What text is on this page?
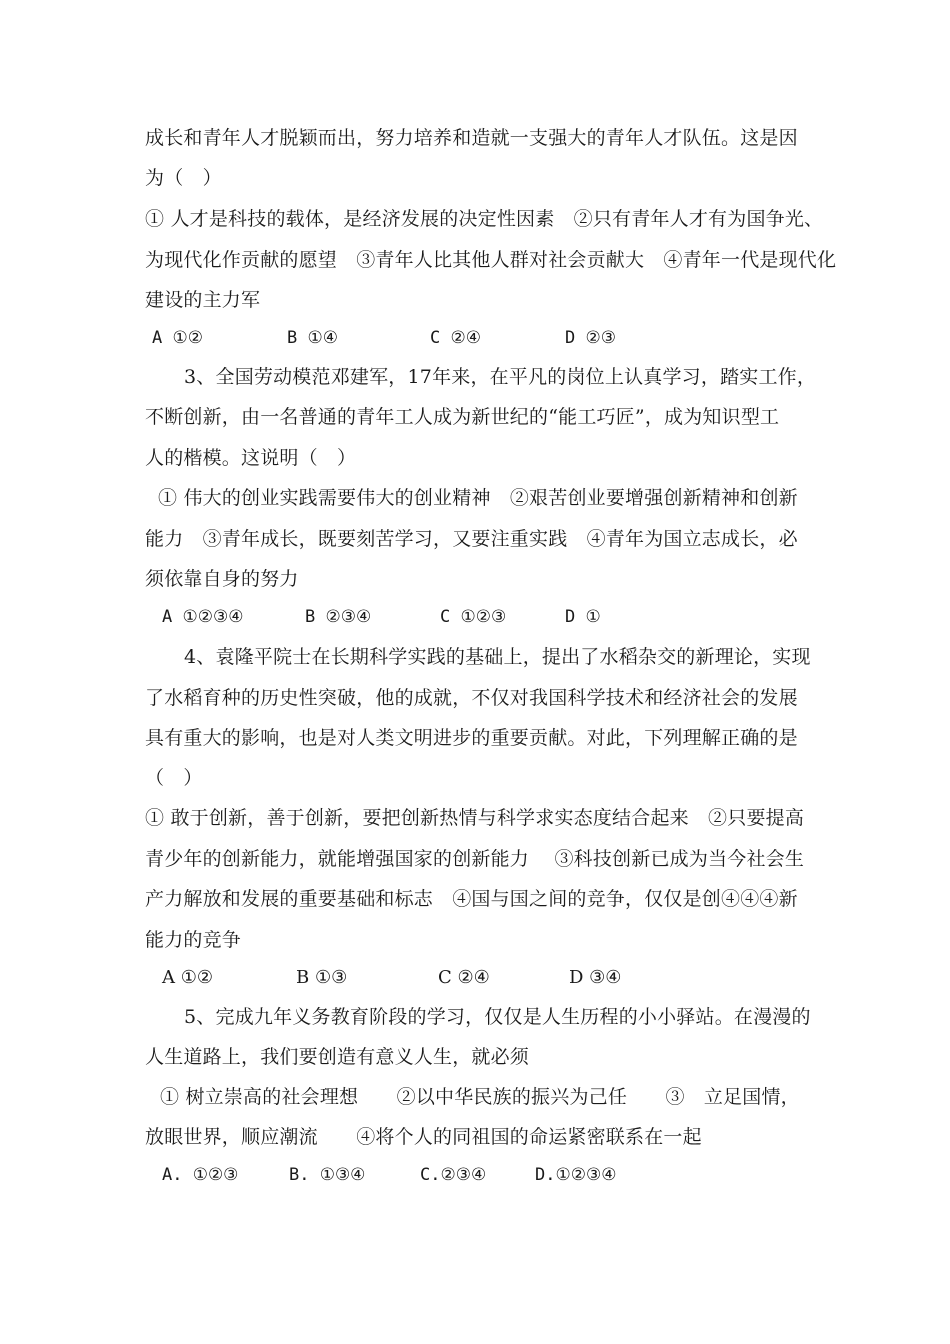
成长和青年人才脱颖而出，努力培养和造就一支强大的青年人才队伍。这是因
为（　）
① 人才是科技的载体，是经济发展的决定性因素　②只有青年人才有为国争光、
为现代化作贡献的愿望　③青年人比其他人群对社会贡献大　④青年一代是现代化
建设的主力军
A ①②	B ①④	C ②④	D ②③
3、全国劳动模范邓建军，17年来，在平凡的岗位上认真学习，踏实工作，
不断创新，由一名普通的青年工人成为新世纪的“能工巧匠”，成为知识型工
人的楷模。这说明（　）
① 伟大的创业实践需要伟大的创业精神　②艰苦创业要增强创新精神和创新
能力　③青年成长，既要刻苦学习，又要注重实践　④青年为国立志成长，必
须依靠自身的努力
A ①②③④	B ②③④	C ①②③	D ①
4、袁隆平院士在长期科学实践的基础上，提出了水稻杂交的新理论，实现
了水稻育种的历史性突破，他的成就，不仅对我国科学技术和经济社会的发展
具有重大的影响，也是对人类文明进步的重要贡献。对此，下列理解正确的是
（　）
① 敢于创新，善于创新，要把创新热情与科学求实态度结合起来　②只要提高
青少年的创新能力，就能增强国家的创新能力　 ③科技创新已成为当今社会生
产力解放和发展的重要基础和标志　④国与国之间的竞争，仅仅是创④④④新
能力的竞争
A ①②	B ①③	C ②④	D ③④
5、完成九年义务教育阶段的学习，仅仅是人生历程的小小驿站。在漫漫的
人生道路上，我们要创造有意义人生，就必须
① 树立崇高的社会理想　　②以中华民族的振兴为己任　　③　立足国情，
放眼世界，顺应潮流　　④将个人的同祖国的命运紧密联系在一起
A. ①②③	B. ①③④	C.②③④	D.①②③④
